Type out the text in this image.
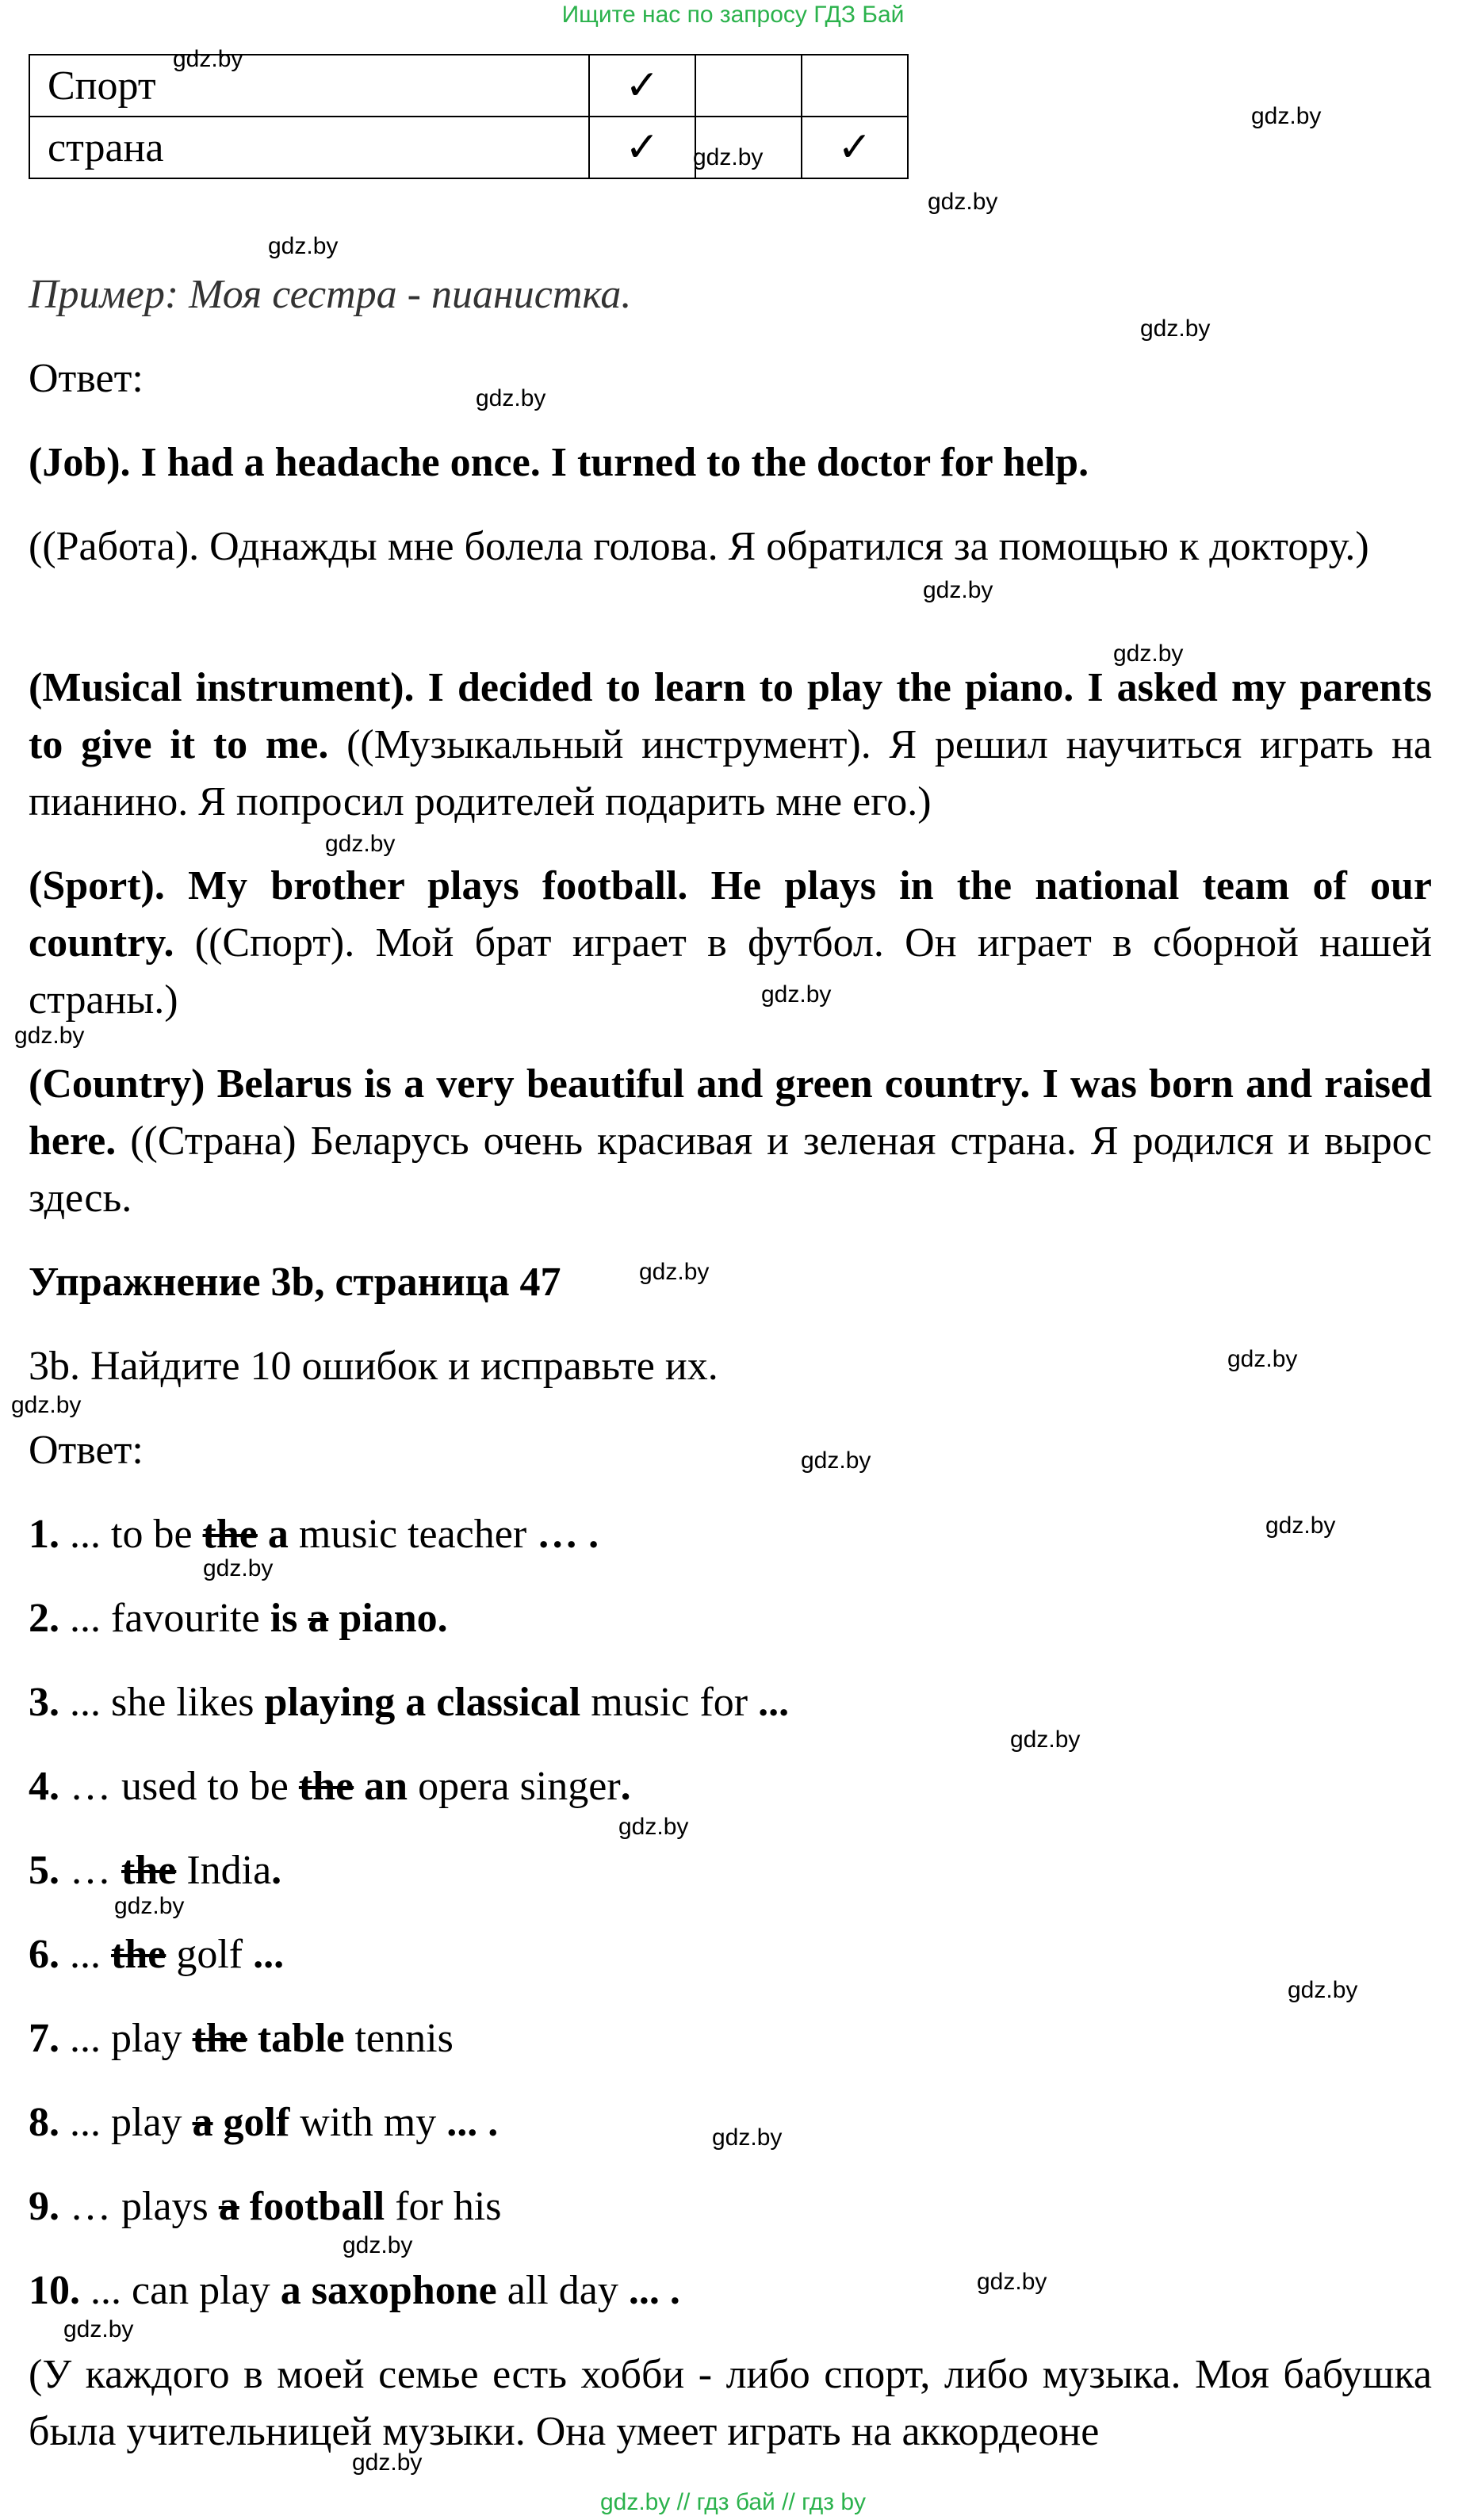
Ищите нас по запросу ГДЗ Бай
Спорт	✓		
страна	✓		✓
Пример: Моя сестра - пианистка.
Ответ:
(Job). I had a headache once. I turned to the doctor for help.
((Работа). Однажды мне болела голова. Я обратился за помощью к доктору.)
(Musical instrument). I decided to learn to play the piano. I asked my parents to give it to me. ((Музыкальный инструмент). Я решил научиться играть на пианино. Я попросил родителей подарить мне его.)
(Sport). My brother plays football. He plays in the national team of our country. ((Спорт). Мой брат играет в футбол. Он играет в сборной нашей страны.)
(Country) Belarus is a very beautiful and green country. I was born and raised here. ((Страна) Беларусь очень красивая и зеленая страна. Я родился и вырос здесь.
Упражнение 3b, страница 47
3b. Найдите 10 ошибок и исправьте их.
Ответ:
1. ... to be the a music teacher … .
2. ... favourite is a piano.
3. ... she likes playing a classical music for ...
4. … used to be the an opera singer.
5. … the India.
6. ... the golf ...
7. ... play the table tennis
8. ... play a golf with my ... .
9. … plays a football for his
10. ... can play a saxophone all day ... .
(У каждого в моей семье есть хобби - либо спорт, либо музыка. Моя бабушка была учительницей музыки. Она умеет играть на аккордеоне
gdz.by
gdz.by
gdz.by
gdz.by
gdz.by
gdz.by
gdz.by
gdz.by
gdz.by
gdz.by
gdz.by
gdz.by
gdz.by
gdz.by
gdz.by
gdz.by
gdz.by
gdz.by
gdz.by
gdz.by
gdz.by
gdz.by
gdz.by
gdz.by
gdz.by
gdz.by
gdz.by
gdz.by // гдз бай // гдз by
